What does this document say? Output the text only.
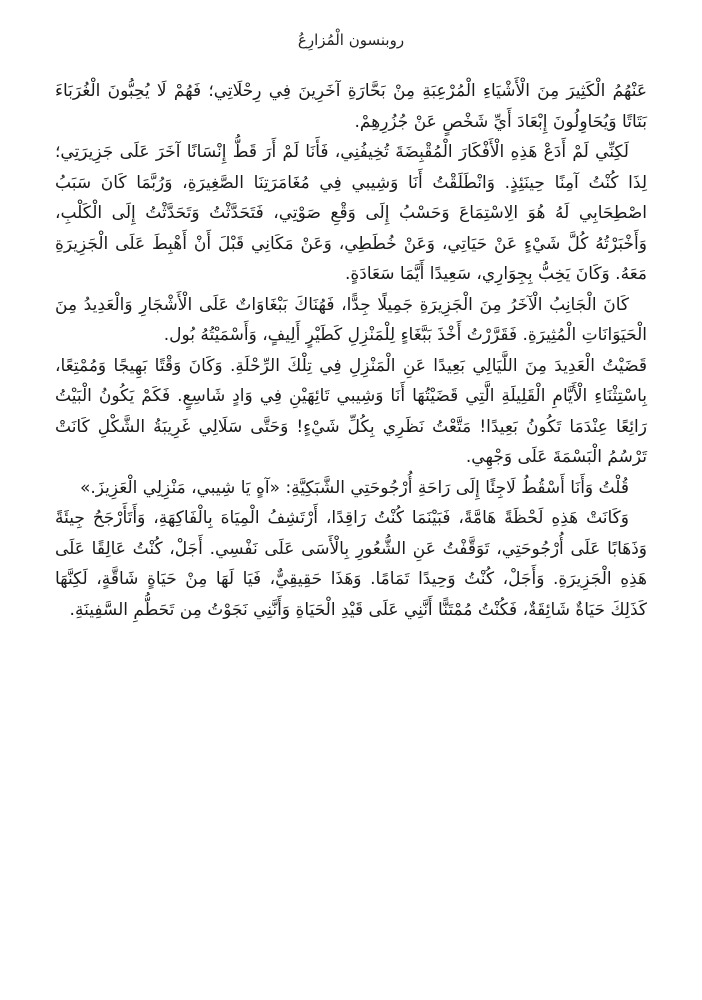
روبنسون الْمُزارِعُ

عَنْهُمُ الْكَثِيرَ مِنَ الْأَشْيَاءِ الْمُرْعِبَةِ مِنْ بَحَّارَةِ آخَرِينَ فِي رِحْلَاتِي؛ فَهُمْ لَا يُحِبُّونَ الْغُرَبَاءَ بَتَاتًا وَيُحَاوِلُونَ إِبْعَادَ أَيِّ شَخْصٍ عَنْ جُزُرِهِمْ.

لَكِنِّي لَمْ أَدَعْ هَذِهِ الْأَفْكَارَ الْمُقْبِضَةَ تُخِيفُنِي، فَأَنَا لَمْ أَرَ قَطُّ إِنْسَانًا آخَرَ عَلَى جَزِيرَتِي؛ لِذَا كُنْتُ آمِنًا حِينَئِذٍ. وَانْطَلَقْتُ أَنَا وَشِيبي فِي مُغَامَرَتِنَا الصَّغِيرَةِ، وَرُبَّمَا كَانَ سَبَبُ اصْطِحَابِي لَهُ هُوَ الِاسْتِمَاعَ وَحَسْبُ إِلَى وَقْعِ صَوْتِي، فَتَحَدَّثْتُ وَتَحَدَّثْتُ إِلَى الْكَلْبِ، وَأَخْبَرْتُهُ كُلَّ شَيْءٍ عَنْ حَيَاتِي، وَعَنْ خُطَطِي، وَعَنْ مَكَانِي قَبْلَ أَنْ أَهْبِطَ عَلَى الْجَزِيرَةِ مَعَهُ. وَكَانَ يَخِبُّ بِجِوَارِي، سَعِيدًا أَيَّمَا سَعَادَةٍ.

كَانَ الْجَانِبُ الْآخَرُ مِنَ الْجَزِيرَةِ جَمِيلًا جِدًّا، فَهُنَاكَ بَبْغَاوَاتٌ عَلَى الْأَشْجَارِ وَالْعَدِيدُ مِنَ الْحَيَوَانَاتِ الْمُثِيرَةِ. فَقَرَّرْتُ أَخْذَ بَبَّغَاءٍ لِلْمَنْزِلِ كَطَيْرٍ أَلِيفٍ، وَأَسْمَيْتُهُ بُول.

قَضَيْتُ الْعَدِيدَ مِنَ اللَّيَالِي بَعِيدًا عَنِ الْمَنْزِلِ فِي تِلْكَ الرِّحْلَةِ. وَكَانَ وَقْتًا بَهِيجًا وَمُمْتِعًا، بِاسْتِثْنَاءِ الْأَيَّامِ الْقَلِيلَةِ الَّتِي قَضَيْتُهَا أَنَا وَشِيبي تَائِهَيْنِ فِي وَادٍ شَاسِعٍ. فَكَمْ يَكُونُ الْبَيْتُ رَائِعًا عِنْدَمَا تَكُونُ بَعِيدًا! مَتَّعْتُ نَظَرِي بِكُلِّ شَيْءٍ! وَحَتَّى سَلَالِي غَرِيبَةُ الشَّكْلِ كَانَتْ تَرْسُمُ الْبَسْمَةَ عَلَى وَجْهِي.

قُلْتُ وَأَنَا أَسْقُطُ لَاجِئًا إِلَى رَاحَةِ أُرْجُوحَتِي الشَّبَكِيَّةِ: «آهٍ يَا شِيبي، مَنْزِلِي الْعَزِيزَ.»

وَكَانَتْ هَذِهِ لَحْظَةً هَامَّةً، فَبَيْنَمَا كُنْتُ رَاقِدًا، أَرْتَشِفُ الْمِيَاهَ بِالْفَاكِهَةِ، وَأَتَأَرْجَحُ جِيئَةً وَذَهَابًا عَلَى أُرْجُوحَتِي، تَوَقَّفْتُ عَنِ الشُّعُورِ بِالْأَسَى عَلَى نَفْسِي. أَجَلْ، كُنْتُ عَالِقًا عَلَى هَذِهِ الْجَزِيرَةِ. وَأَجَلْ، كُنْتُ وَحِيدًا تَمَامًا. وَهَذَا حَقِيقِيٌّ، فَيَا لَهَا مِنْ حَيَاةٍ شَاقَّةٍ، لَكِنَّهَا كَذَلِكَ حَيَاةٌ شَائِقَةٌ، فَكُنْتُ مُمْتَنًّا أَنَّنِي عَلَى قَيْدِ الْحَيَاةِ وَأَنَّنِي نَجَوْتُ مِن تَحَطُّمِ السَّفِينَةِ.
